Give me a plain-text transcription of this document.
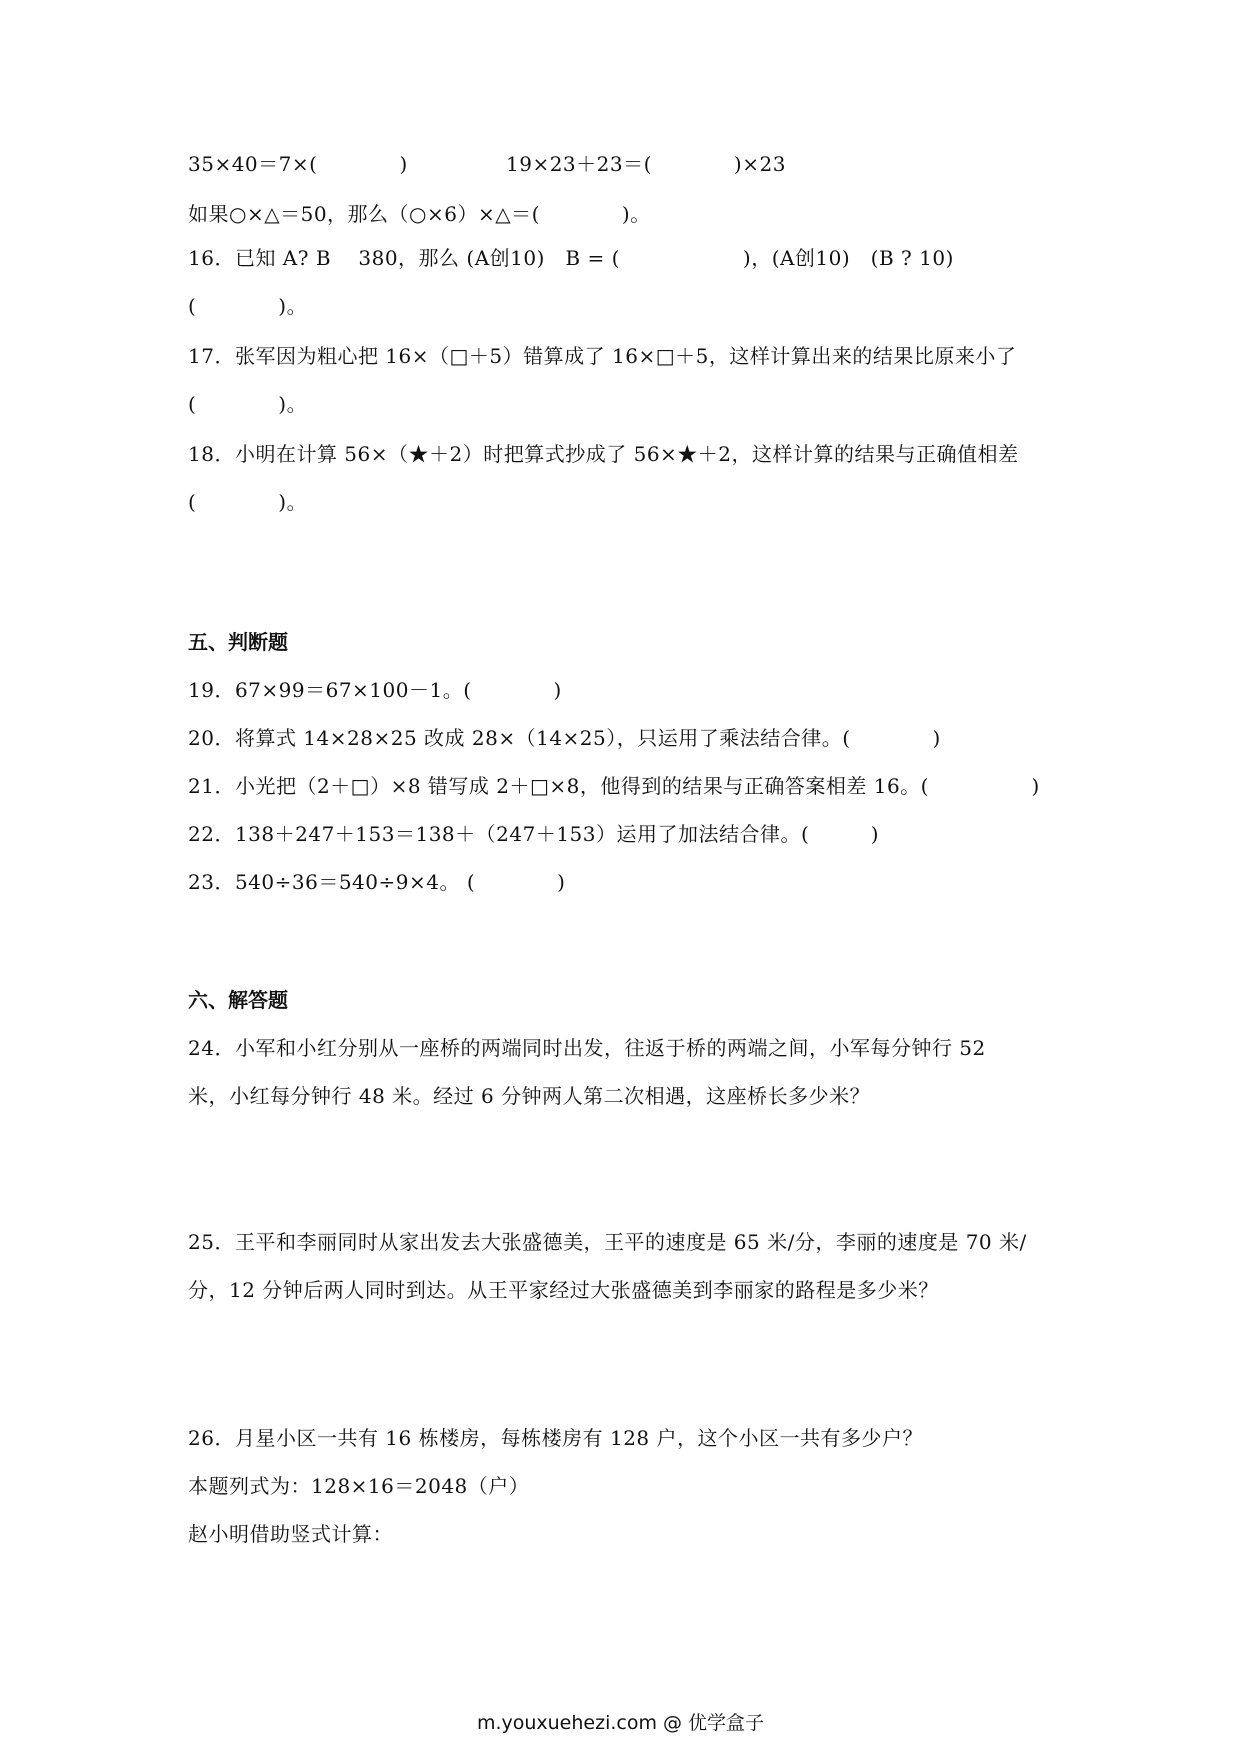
35×40＝7×(　　　　)	19×23＋23＝(　　　　)×23
如果○×△＝50，那么（○×6）×△＝(　　　　)。
16．已知 A? B　 380，那么 (A创10)　B = (　　　　　　)，(A创10)　(B ? 10)
(　　　　)。
17．张军因为粗心把 16×（□＋5）错算成了 16×□＋5，这样计算出来的结果比原来小了
(　　　　)。
18．小明在计算 56×（★＋2）时把算式抄成了 56×★＋2，这样计算的结果与正确值相差
(　　　　)。
五、判断题
19．67×99＝67×100－1。(　　　　)
20．将算式 14×28×25 改成 28×（14×25），只运用了乘法结合律。(　　　　)
21．小光把（2＋□）×8 错写成 2＋□×8，他得到的结果与正确答案相差 16。(　　　　　)
22．138＋247＋153＝138＋（247＋153）运用了加法结合律。(　　　)
23．540÷36＝540÷9×4。 (　　　　)
六、解答题
24．小军和小红分别从一座桥的两端同时出发，往返于桥的两端之间，小军每分钟行 52
米，小红每分钟行 48 米。经过 6 分钟两人第二次相遇，这座桥长多少米？
25．王平和李丽同时从家出发去大张盛德美，王平的速度是 65 米/分，李丽的速度是 70 米/
分，12 分钟后两人同时到达。从王平家经过大张盛德美到李丽家的路程是多少米？
26．月星小区一共有 16 栋楼房，每栋楼房有 128 户，这个小区一共有多少户？
本题列式为：128×16＝2048（户）
赵小明借助竖式计算：
m.youxuehezi.com @ 优学盒子
